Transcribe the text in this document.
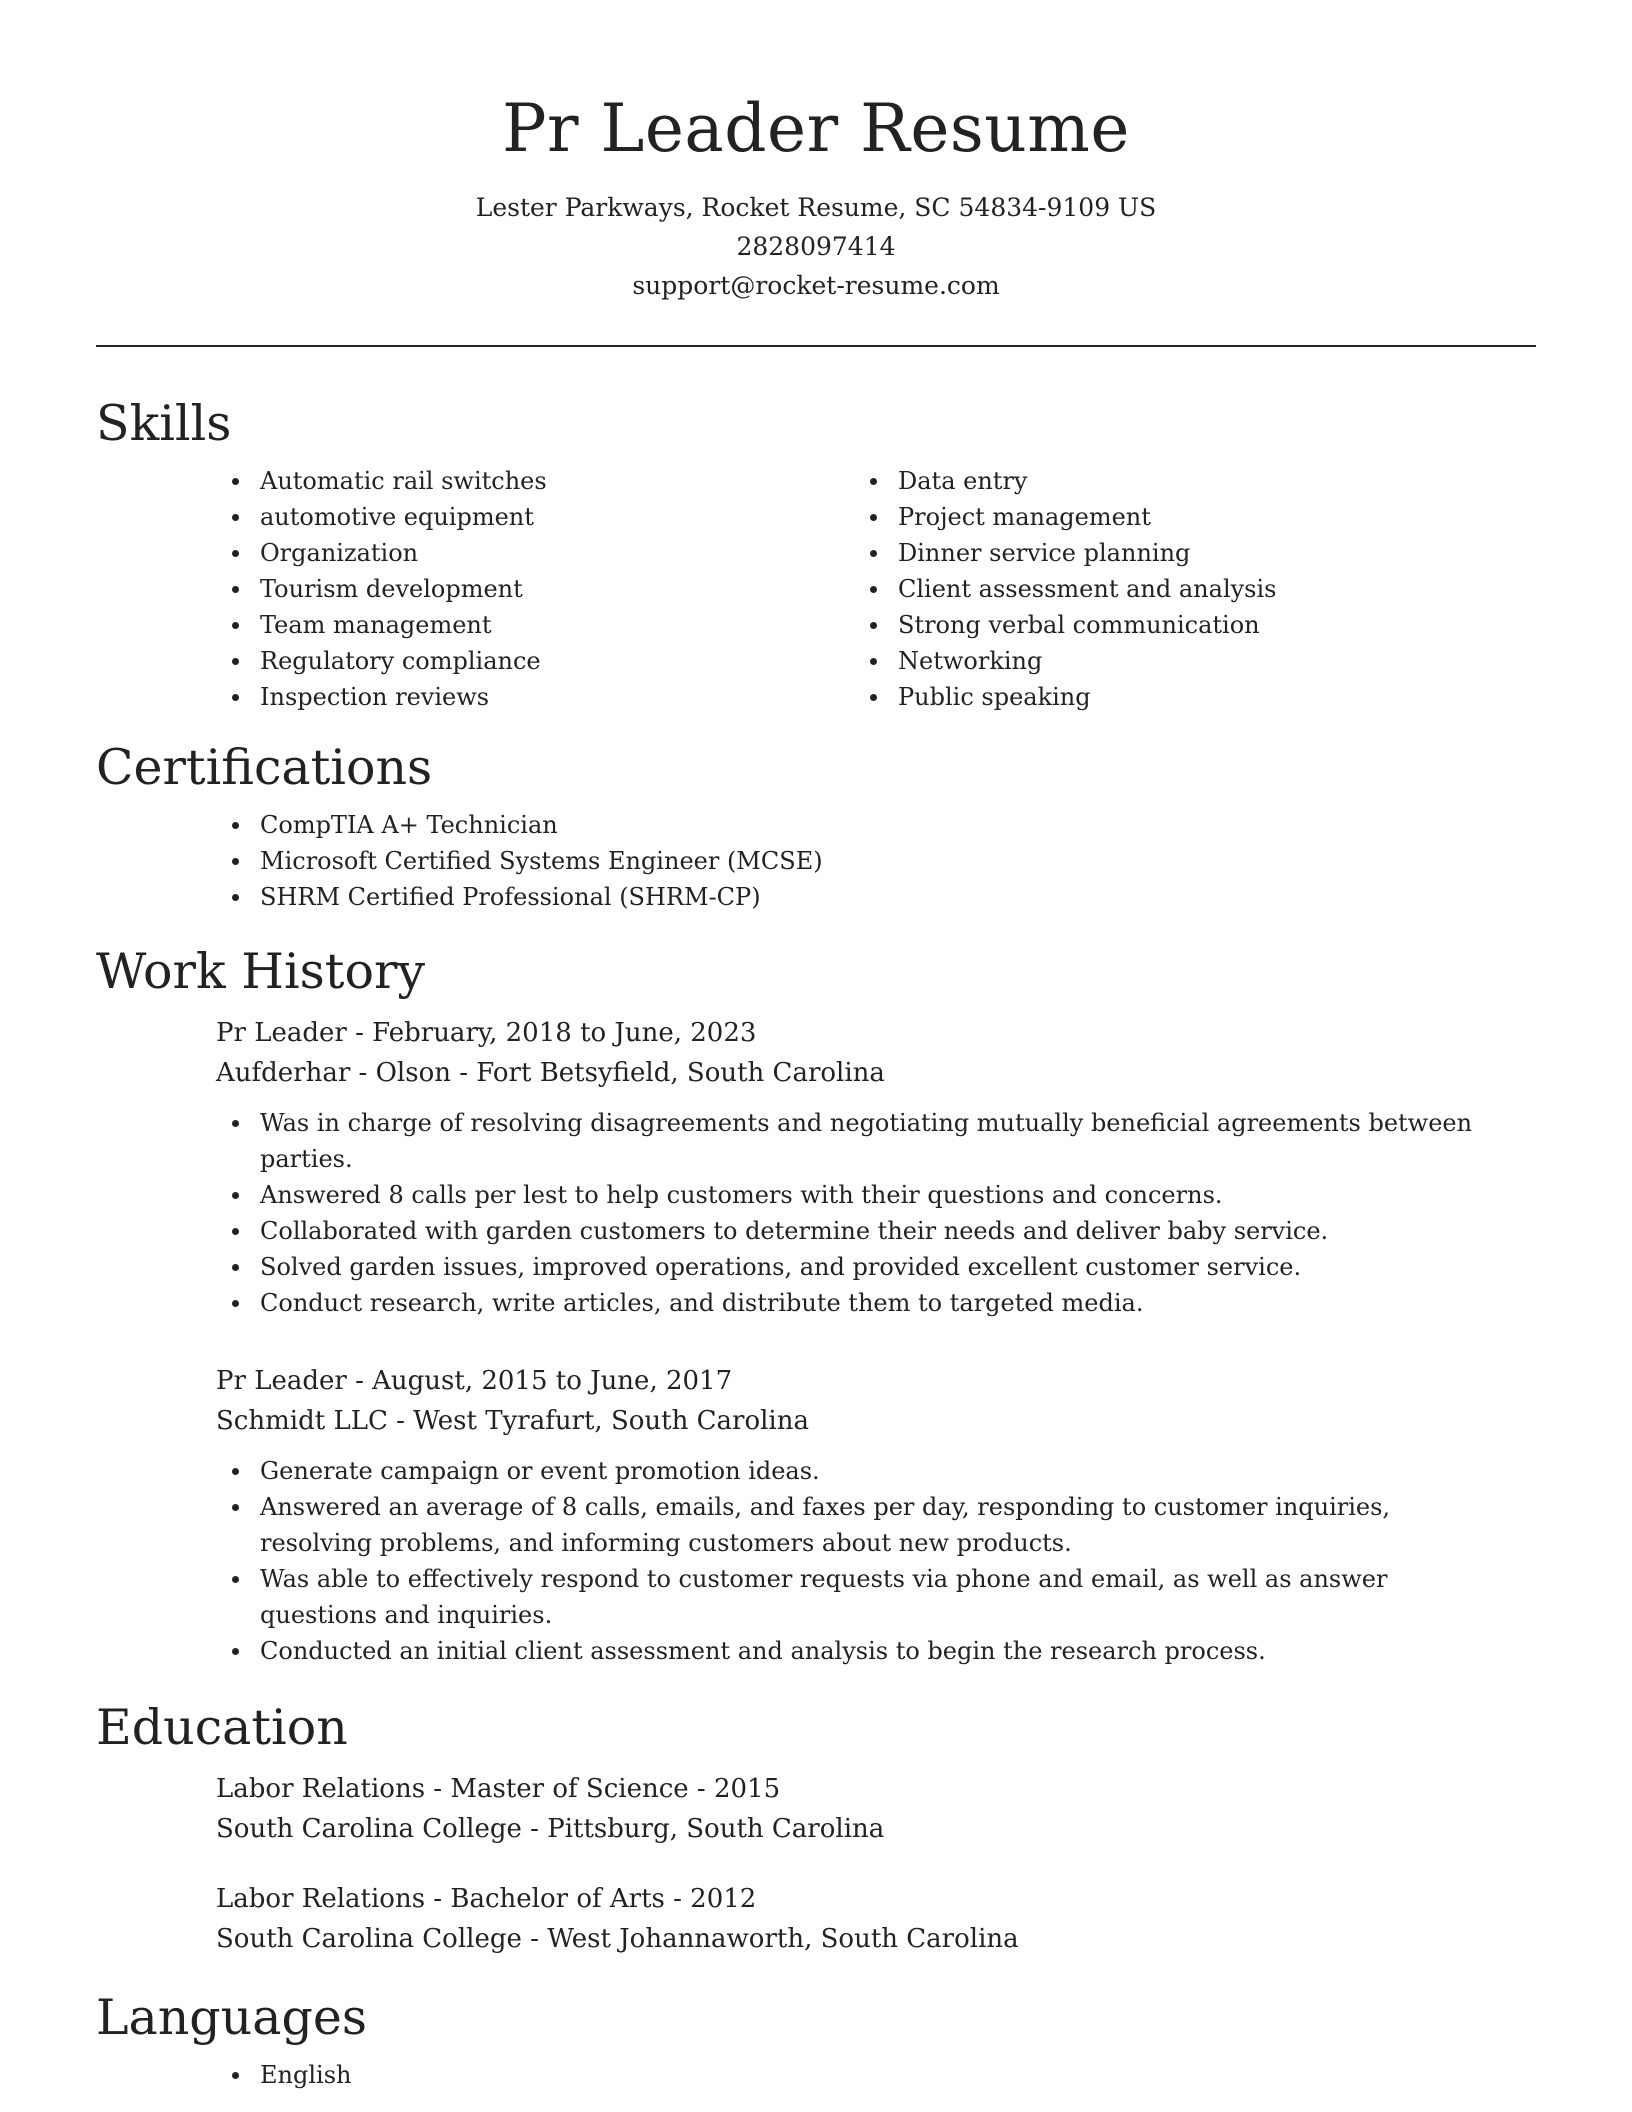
Pr Leader Resume
Lester Parkways, Rocket Resume, SC 54834-9109 US
2828097414
support@rocket-resume.com
Skills
Automatic rail switches
automotive equipment
Organization
Tourism development
Team management
Regulatory compliance
Inspection reviews
Data entry
Project management
Dinner service planning
Client assessment and analysis
Strong verbal communication
Networking
Public speaking
Certifications
CompTIA A+ Technician
Microsoft Certified Systems Engineer (MCSE)
SHRM Certified Professional (SHRM-CP)
Work History
Pr Leader - February, 2018 to June, 2023
Aufderhar - Olson - Fort Betsyfield, South Carolina
Was in charge of resolving disagreements and negotiating mutually beneficial agreements between parties.
Answered 8 calls per lest to help customers with their questions and concerns.
Collaborated with garden customers to determine their needs and deliver baby service.
Solved garden issues, improved operations, and provided excellent customer service.
Conduct research, write articles, and distribute them to targeted media.
Pr Leader - August, 2015 to June, 2017
Schmidt LLC - West Tyrafurt, South Carolina
Generate campaign or event promotion ideas.
Answered an average of 8 calls, emails, and faxes per day, responding to customer inquiries, resolving problems, and informing customers about new products.
Was able to effectively respond to customer requests via phone and email, as well as answer questions and inquiries.
Conducted an initial client assessment and analysis to begin the research process.
Education
Labor Relations - Master of Science - 2015
South Carolina College - Pittsburg, South Carolina
Labor Relations - Bachelor of Arts - 2012
South Carolina College - West Johannaworth, South Carolina
Languages
English
